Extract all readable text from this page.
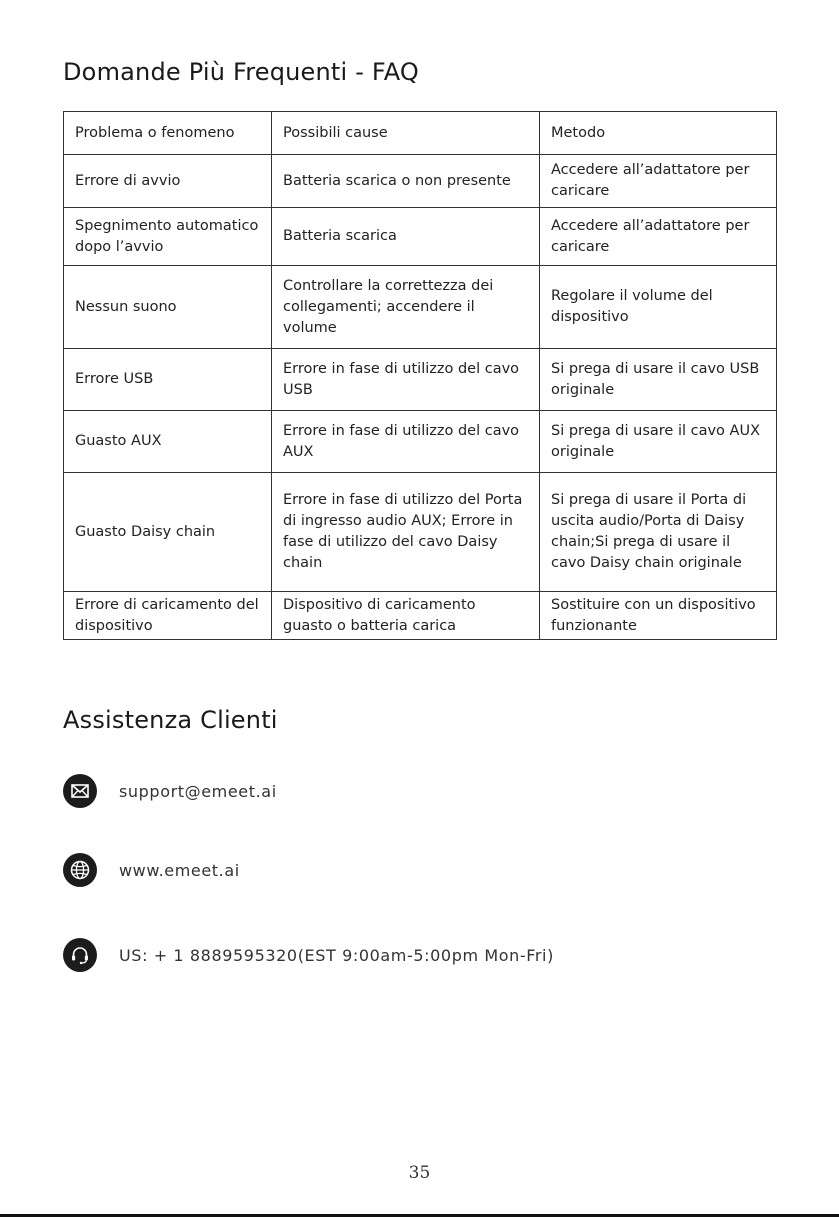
Domande Più Frequenti - FAQ
Problema o fenomeno	Possibili cause	Metodo
Errore di avvio	Batteria scarica o non presente	Accedere all’adattatore per caricare
Spegnimento automatico dopo l’avvio	Batteria scarica	Accedere all’adattatore per caricare
Nessun suono	Controllare la correttezza dei collegamenti; accendere il volume	Regolare il volume del dispositivo
Errore USB	Errore in fase di utilizzo del cavo USB	Si prega di usare il cavo USB originale
Guasto AUX	Errore in fase di utilizzo del cavo AUX	Si prega di usare il cavo AUX originale
Guasto Daisy chain	Errore in fase di utilizzo del Porta di ingresso audio AUX; Errore in fase di utilizzo del cavo Daisy chain	Si prega di usare il Porta di uscita audio/Porta di Daisy chain;Si prega di usare il cavo Daisy chain originale
Errore di caricamento del dispositivo	Dispositivo di caricamento guasto o batteria carica	Sostituire con un dispositivo funzionante
Assistenza Clienti
support@emeet.ai
www.emeet.ai
US: + 1 8889595320(EST 9:00am-5:00pm Mon-Fri)
35
